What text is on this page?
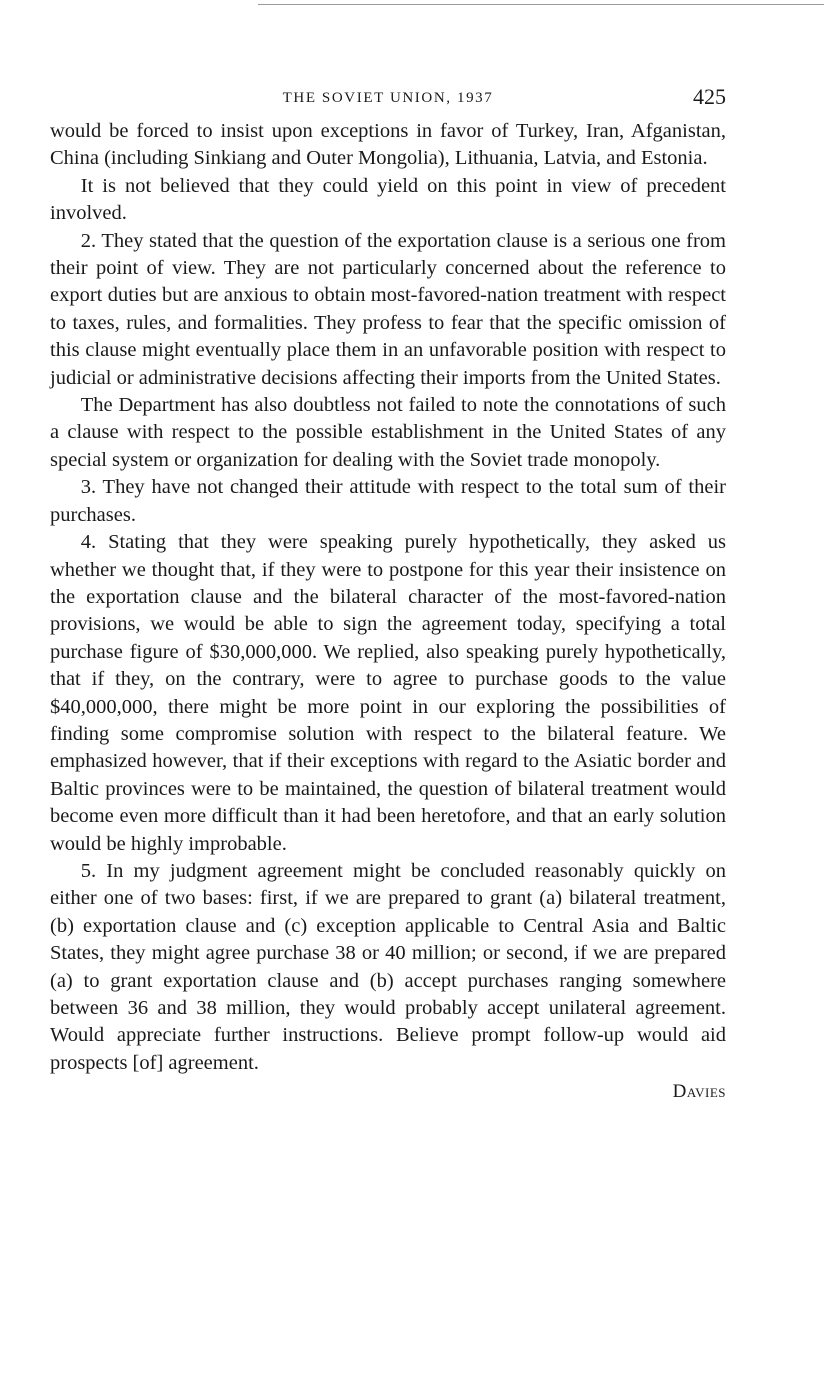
THE SOVIET UNION, 1937	425

would be forced to insist upon exceptions in favor of Turkey, Iran, Afganistan, China (including Sinkiang and Outer Mongolia), Lithuania, Latvia, and Estonia.

It is not believed that they could yield on this point in view of precedent involved.

2. They stated that the question of the exportation clause is a serious one from their point of view. They are not particularly concerned about the reference to export duties but are anxious to obtain most-favored-nation treatment with respect to taxes, rules, and formalities. They profess to fear that the specific omission of this clause might eventually place them in an unfavorable position with respect to judicial or administrative decisions affecting their imports from the United States.

The Department has also doubtless not failed to note the connotations of such a clause with respect to the possible establishment in the United States of any special system or organization for dealing with the Soviet trade monopoly.

3. They have not changed their attitude with respect to the total sum of their purchases.

4. Stating that they were speaking purely hypothetically, they asked us whether we thought that, if they were to postpone for this year their insistence on the exportation clause and the bilateral character of the most-favored-nation provisions, we would be able to sign the agreement today, specifying a total purchase figure of $30,000,000. We replied, also speaking purely hypothetically, that if they, on the contrary, were to agree to purchase goods to the value $40,000,000, there might be more point in our exploring the possibilities of finding some compromise solution with respect to the bilateral feature. We emphasized however, that if their exceptions with regard to the Asiatic border and Baltic provinces were to be maintained, the question of bilateral treatment would become even more difficult than it had been heretofore, and that an early solution would be highly improbable.

5. In my judgment agreement might be concluded reasonably quickly on either one of two bases: first, if we are prepared to grant (a) bilateral treatment, (b) exportation clause and (c) exception applicable to Central Asia and Baltic States, they might agree purchase 38 or 40 million; or second, if we are prepared (a) to grant exportation clause and (b) accept purchases ranging somewhere between 36 and 38 million, they would probably accept unilateral agreement. Would appreciate further instructions. Believe prompt follow-up would aid prospects [of] agreement.

Davies
